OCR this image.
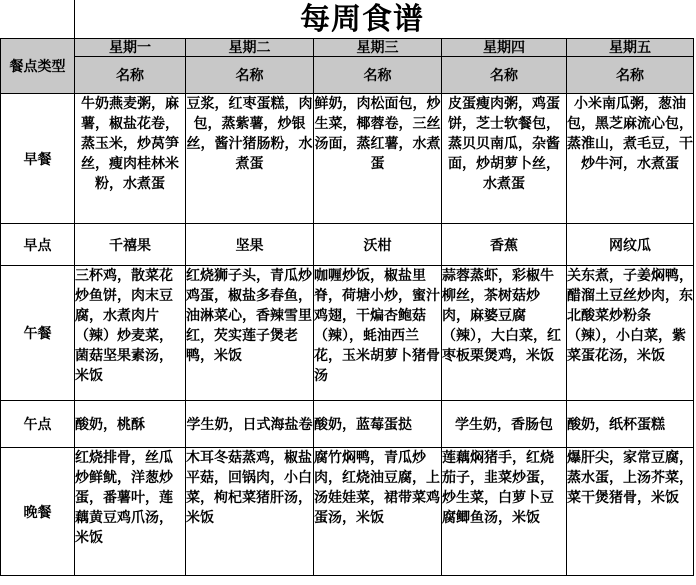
每周食谱
餐点类型	星期一	星期二	星期三	星期四	星期五
	名称	名称	名称	名称	名称
早餐	牛奶燕麦粥，麻薯，椒盐花卷，蒸玉米，炒莴笋丝，瘦肉桂林米粉，水煮蛋	豆浆，红枣蛋糕，肉包，蒸紫薯，炒银丝，酱汁猪肠粉，水煮蛋	鲜奶，肉松面包，炒生菜，椰蓉卷，三丝汤面，蒸红薯，水煮蛋	皮蛋瘦肉粥，鸡蛋饼，芝士软餐包，蒸贝贝南瓜，杂酱面，炒胡萝卜丝，水煮蛋	小米南瓜粥，葱油包，黑芝麻流心包，蒸淮山，煮毛豆，干炒牛河，水煮蛋
早点	千禧果	坚果	沃柑	香蕉	网纹瓜
午餐	三杯鸡，散菜花炒鱼饼，肉末豆腐，水煮肉片（辣）炒麦菜，菌菇坚果素汤，米饭	红烧狮子头，青瓜炒鸡蛋，椒盐多春鱼，油淋菜心，香辣雪里红，芡实莲子煲老鸭，米饭	咖喱炒饭，椒盐里脊，荷塘小炒，蜜汁鸡翅，干煸杏鲍菇（辣），蚝油西兰花，玉米胡萝卜猪骨汤	蒜蓉蒸虾，彩椒牛柳丝，茶树菇炒肉，麻婆豆腐（辣），大白菜，红枣板栗煲鸡，米饭	关东煮，子姜焖鸭，醋溜土豆丝炒肉，东北酸菜炒粉条（辣），小白菜，紫菜蛋花汤，米饭
午点	酸奶，桃酥	学生奶，日式海盐卷	酸奶，蓝莓蛋挞	学生奶，香肠包	酸奶，纸杯蛋糕
晚餐	红烧排骨，丝瓜炒鲜鱿，洋葱炒蛋，番薯叶，莲藕黄豆鸡爪汤，米饭	木耳冬菇蒸鸡，椒盐平菇，回锅肉，小白菜，枸杞菜猪肝汤，米饭	腐竹焖鸭，青瓜炒肉，红烧油豆腐，上汤娃娃菜，裙带菜鸡蛋汤，米饭	莲藕焖猪手，红烧茄子，韭菜炒蛋，炒生菜，白萝卜豆腐鲫鱼汤，米饭	爆肝尖，家常豆腐，蒸水蛋，上汤芥菜，菜干煲猪骨，米饭
